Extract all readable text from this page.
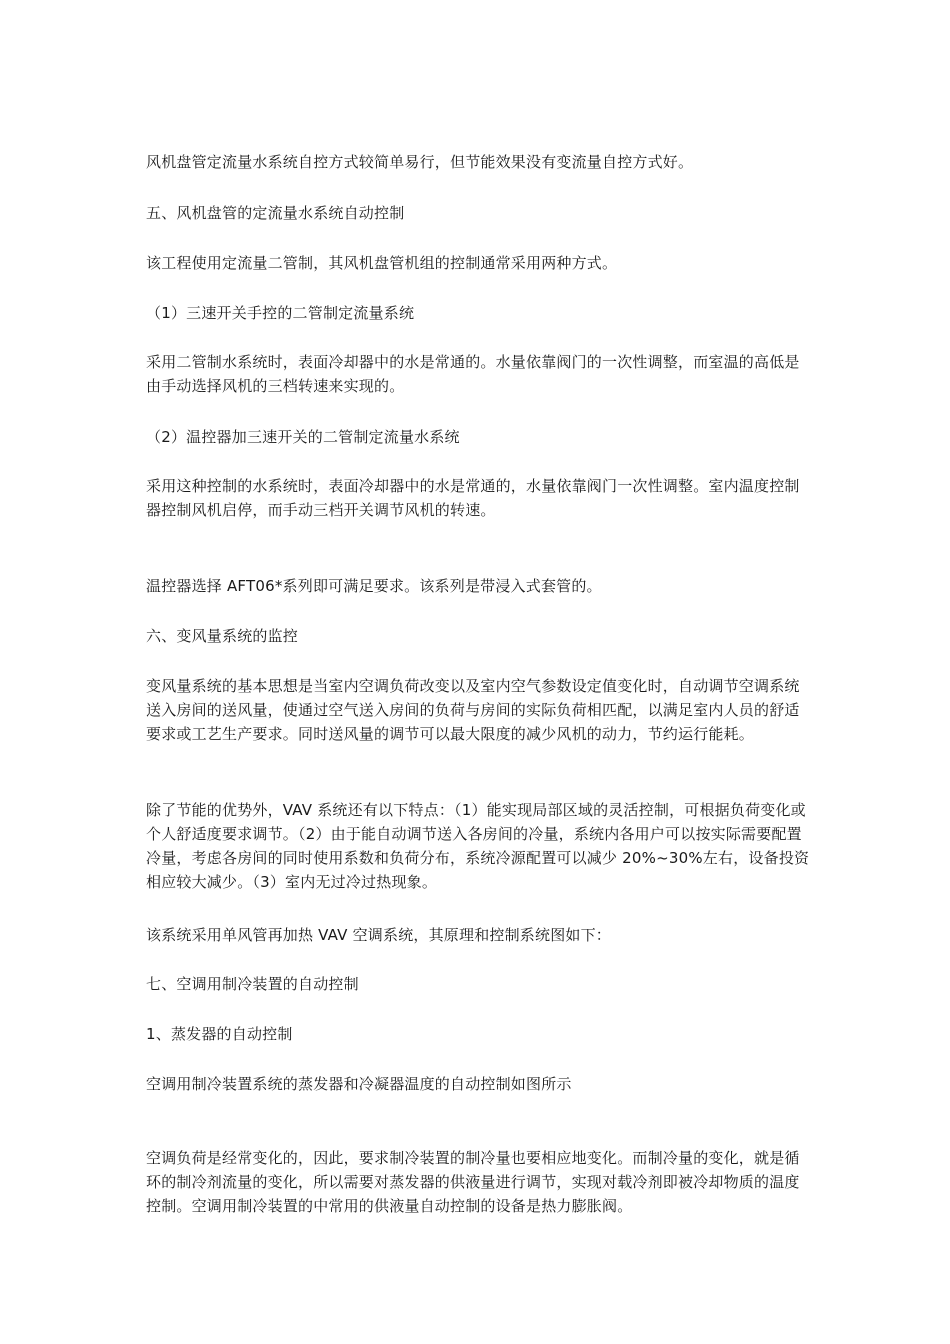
风机盘管定流量水系统自控方式较简单易行，但节能效果没有变流量自控方式好。

五、风机盘管的定流量水系统自动控制

该工程使用定流量二管制，其风机盘管机组的控制通常采用两种方式。

（1）三速开关手控的二管制定流量系统

采用二管制水系统时，表面冷却器中的水是常通的。水量依靠阀门的一次性调整，而室温的高低是由手动选择风机的三档转速来实现的。

（2）温控器加三速开关的二管制定流量水系统

采用这种控制的水系统时，表面冷却器中的水是常通的，水量依靠阀门一次性调整。室内温度控制器控制风机启停，而手动三档开关调节风机的转速。

温控器选择 AFT06*系列即可满足要求。该系列是带浸入式套管的。

六、变风量系统的监控

变风量系统的基本思想是当室内空调负荷改变以及室内空气参数设定值变化时，自动调节空调系统送入房间的送风量，使通过空气送入房间的负荷与房间的实际负荷相匹配，以满足室内人员的舒适要求或工艺生产要求。同时送风量的调节可以最大限度的减少风机的动力，节约运行能耗。

除了节能的优势外，VAV 系统还有以下特点：（1）能实现局部区域的灵活控制，可根据负荷变化或个人舒适度要求调节。（2）由于能自动调节送入各房间的冷量，系统内各用户可以按实际需要配置冷量，考虑各房间的同时使用系数和负荷分布，系统冷源配置可以减少 20%~30%左右，设备投资相应较大减少。（3）室内无过冷过热现象。

该系统采用单风管再加热 VAV 空调系统，其原理和控制系统图如下：

七、空调用制冷装置的自动控制

1、蒸发器的自动控制

空调用制冷装置系统的蒸发器和冷凝器温度的自动控制如图所示

空调负荷是经常变化的，因此，要求制冷装置的制冷量也要相应地变化。而制冷量的变化，就是循环的制冷剂流量的变化，所以需要对蒸发器的供液量进行调节，实现对载冷剂即被冷却物质的温度控制。空调用制冷装置的中常用的供液量自动控制的设备是热力膨胀阀。
